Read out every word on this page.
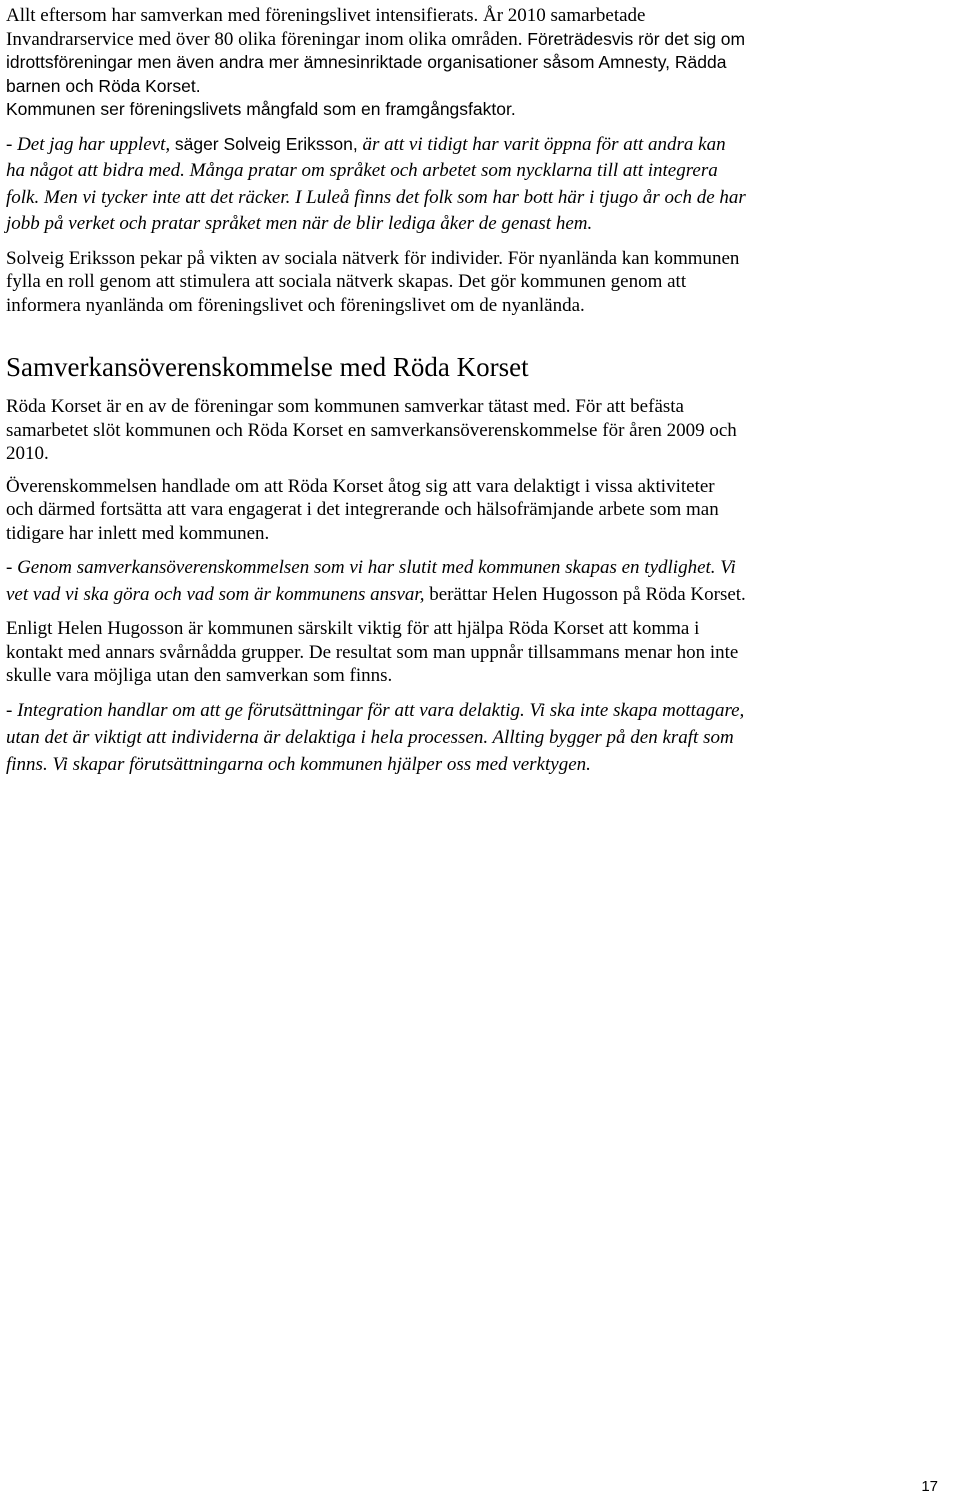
Allt eftersom har samverkan med föreningslivet intensifierats. År 2010 samarbetade Invandrarservice med över 80 olika föreningar inom olika områden. Företrädesvis rör det sig om idrottsföreningar men även andra mer ämnesinriktade organisationer såsom Amnesty, Rädda barnen och Röda Korset.
Kommunen ser föreningslivets mångfald som en framgångsfaktor.

- Det jag har upplevt, säger Solveig Eriksson, är att vi tidigt har varit öppna för att andra kan ha något att bidra med. Många pratar om språket och arbetet som nycklarna till att integrera folk. Men vi tycker inte att det räcker. I Luleå finns det folk som har bott här i tjugo år och de har jobb på verket och pratar språket men när de blir lediga åker de genast hem.

Solveig Eriksson pekar på vikten av sociala nätverk för individer. För nyanlända kan kommunen fylla en roll genom att stimulera att sociala nätverk skapas. Det gör kommunen genom att informera nyanlända om föreningslivet och föreningslivet om de nyanlända.

Samverkansöverenskommelse med Röda Korset

Röda Korset är en av de föreningar som kommunen samverkar tätast med. För att befästa samarbetet slöt kommunen och Röda Korset en samverkansöverenskommelse för åren 2009 och 2010.

Överenskommelsen handlade om att Röda Korset åtog sig att vara delaktigt i vissa aktiviteter och därmed fortsätta att vara engagerat i det integrerande och hälsofrämjande arbete som man tidigare har inlett med kommunen.

- Genom samverkansöverenskommelsen som vi har slutit med kommunen skapas en tydlighet. Vi vet vad vi ska göra och vad som är kommunens ansvar, berättar Helen Hugosson på Röda Korset.

Enligt Helen Hugosson är kommunen särskilt viktig för att hjälpa Röda Korset att komma i kontakt med annars svårnådda grupper. De resultat som man uppnår tillsammans menar hon inte skulle vara möjliga utan den samverkan som finns.

- Integration handlar om att ge förutsättningar för att vara delaktig. Vi ska inte skapa mottagare, utan det är viktigt att individerna är delaktiga i hela processen. Allting bygger på den kraft som finns. Vi skapar förutsättningarna och kommunen hjälper oss med verktygen.

17
